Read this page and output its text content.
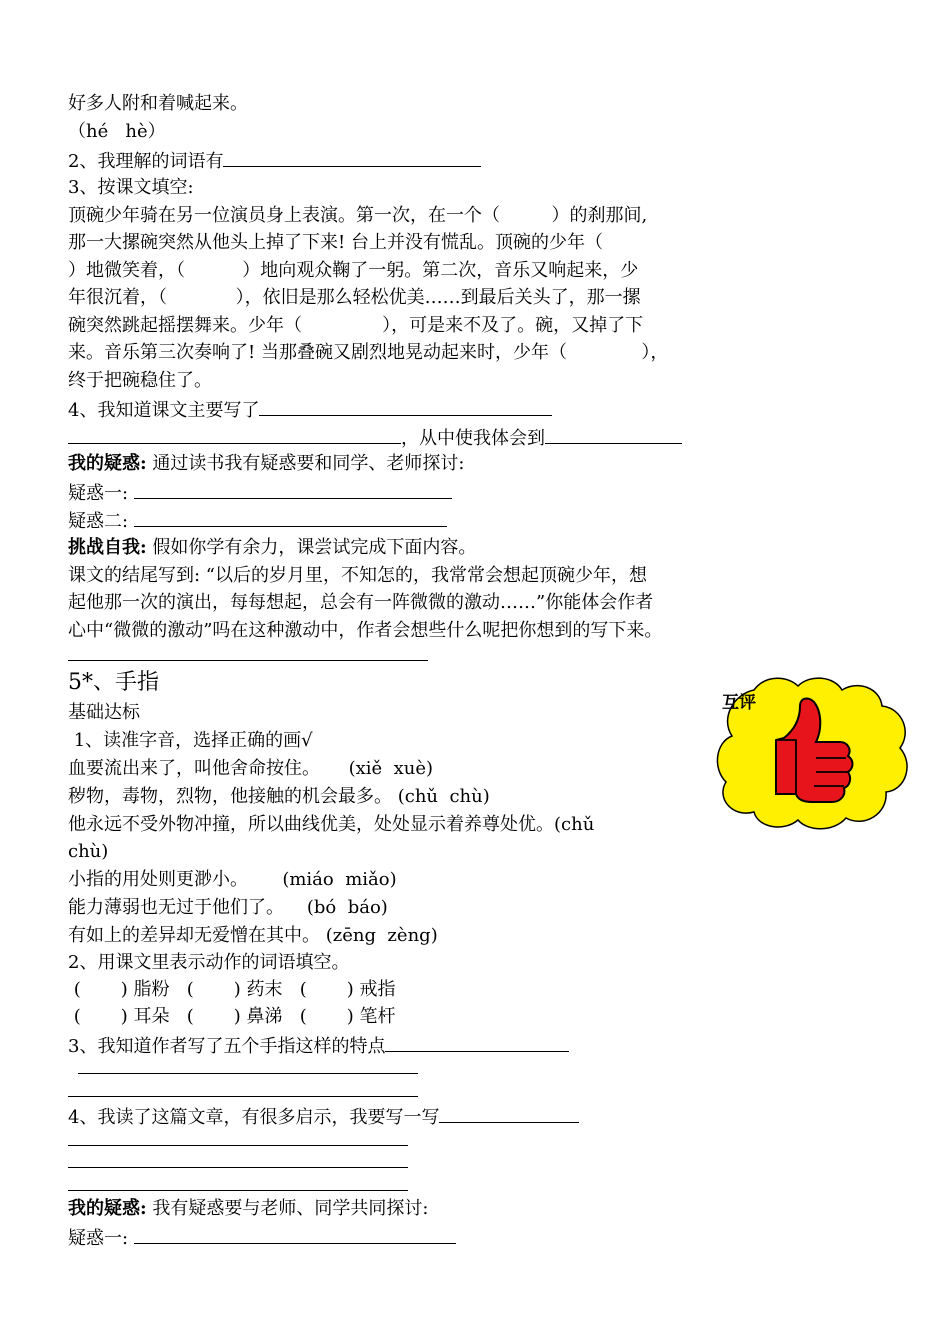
好多人附和着喊起来。
（hé   hè）
2、我理解的词语有
3、按课文填空:
顶碗少年骑在另一位演员身上表演。第一次，在一个（         ）的刹那间,
那一大摞碗突然从他头上掉了下来! 台上并没有慌乱。顶碗的少年（
）地微笑着，（          ）地向观众鞠了一躬。第二次，音乐又响起来，少
年很沉着，（            ），依旧是那么轻松优美……到最后关头了，那一摞
碗突然跳起摇摆舞来。少年（              ），可是来不及了。碗，又掉了下
来。音乐第三次奏响了! 当那叠碗又剧烈地晃动起来时，少年（             ），
终于把碗稳住了。
4、我知道课文主要写了
，从中使我体会到
我的疑惑: 通过读书我有疑惑要和同学、老师探讨:
疑惑一:
疑惑二:
挑战自我: 假如你学有余力，课尝试完成下面内容。
课文的结尾写到: “以后的岁月里，不知怎的，我常常会想起顶碗少年，想
起他那一次的演出，每每想起，总会有一阵微微的激动……”你能体会作者
心中“微微的激动”吗在这种激动中，作者会想些什么呢把你想到的写下来。
5*、手指
基础达标
1、读准字音，选择正确的画√
血要流出来了，叫他舍命按住。     (xiě  xuè)
秽物，毒物，烈物，他接触的机会最多。 (chǔ  chù)
他永远不受外物冲撞，所以曲线优美，处处显示着养尊处优。(chǔ
chù)
小指的用处则更渺小。      (miáo  miǎo)
能力薄弱也无过于他们了。    (bó  báo)
有如上的差异却无爱憎在其中。 (zēng  zèng)
2、用课文里表示动作的词语填空。
(       ) 脂粉   (       ) 药末   (       ) 戒指
(       ) 耳朵   (       ) 鼻涕   (       ) 笔杆
3、我知道作者写了五个手指这样的特点
4、我读了这篇文章，有很多启示，我要写一写
我的疑惑: 我有疑惑要与老师、同学共同探讨:
疑惑一:
互评
